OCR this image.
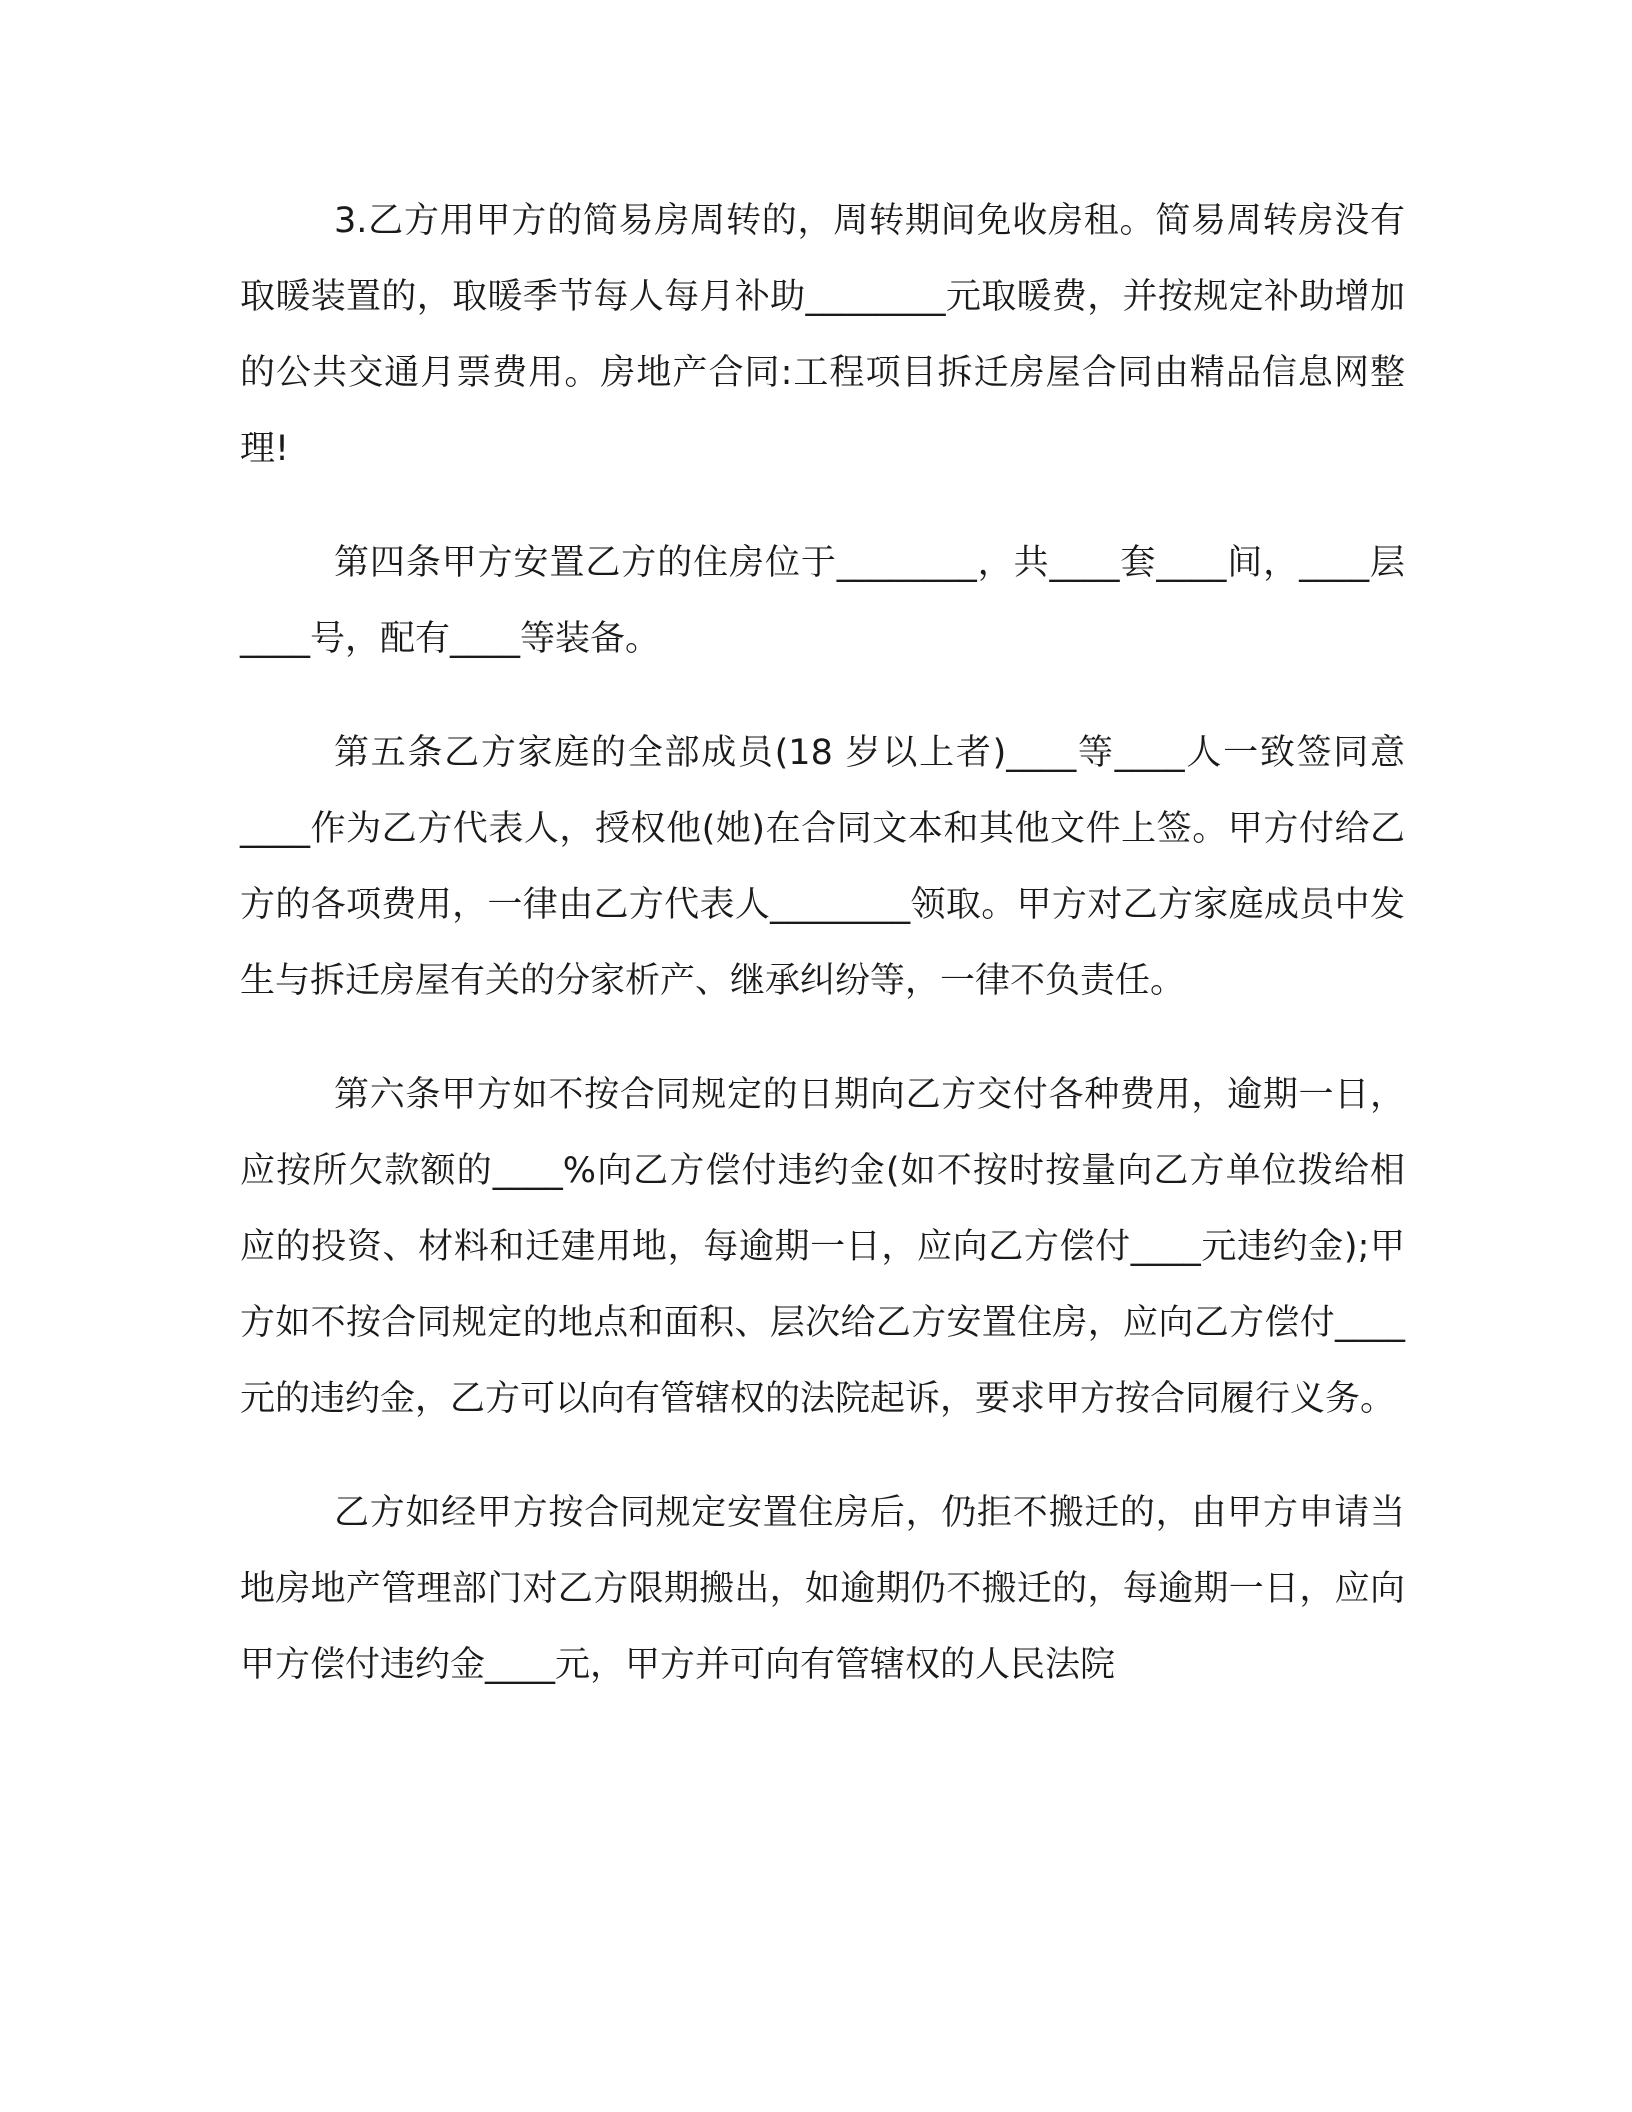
3.乙方用甲方的简易房周转的，周转期间免收房租。简易周转房没有取暖装置的，取暖季节每人每月补助________元取暖费，并按规定补助增加的公共交通月票费用。房地产合同:工程项目拆迁房屋合同由精品信息网整理!

第四条甲方安置乙方的住房位于________，共____套____间，____层____号，配有____等装备。

第五条乙方家庭的全部成员(18 岁以上者)____等____人一致签同意____作为乙方代表人，授权他(她)在合同文本和其他文件上签。甲方付给乙方的各项费用，一律由乙方代表人________领取。甲方对乙方家庭成员中发生与拆迁房屋有关的分家析产、继承纠纷等，一律不负责任。

第六条甲方如不按合同规定的日期向乙方交付各种费用，逾期一日，应按所欠款额的____%向乙方偿付违约金(如不按时按量向乙方单位拨给相应的投资、材料和迁建用地，每逾期一日，应向乙方偿付____元违约金);甲方如不按合同规定的地点和面积、层次给乙方安置住房，应向乙方偿付____元的违约金，乙方可以向有管辖权的法院起诉，要求甲方按合同履行义务。

乙方如经甲方按合同规定安置住房后，仍拒不搬迁的，由甲方申请当地房地产管理部门对乙方限期搬出，如逾期仍不搬迁的，每逾期一日，应向甲方偿付违约金____元，甲方并可向有管辖权的人民法院
